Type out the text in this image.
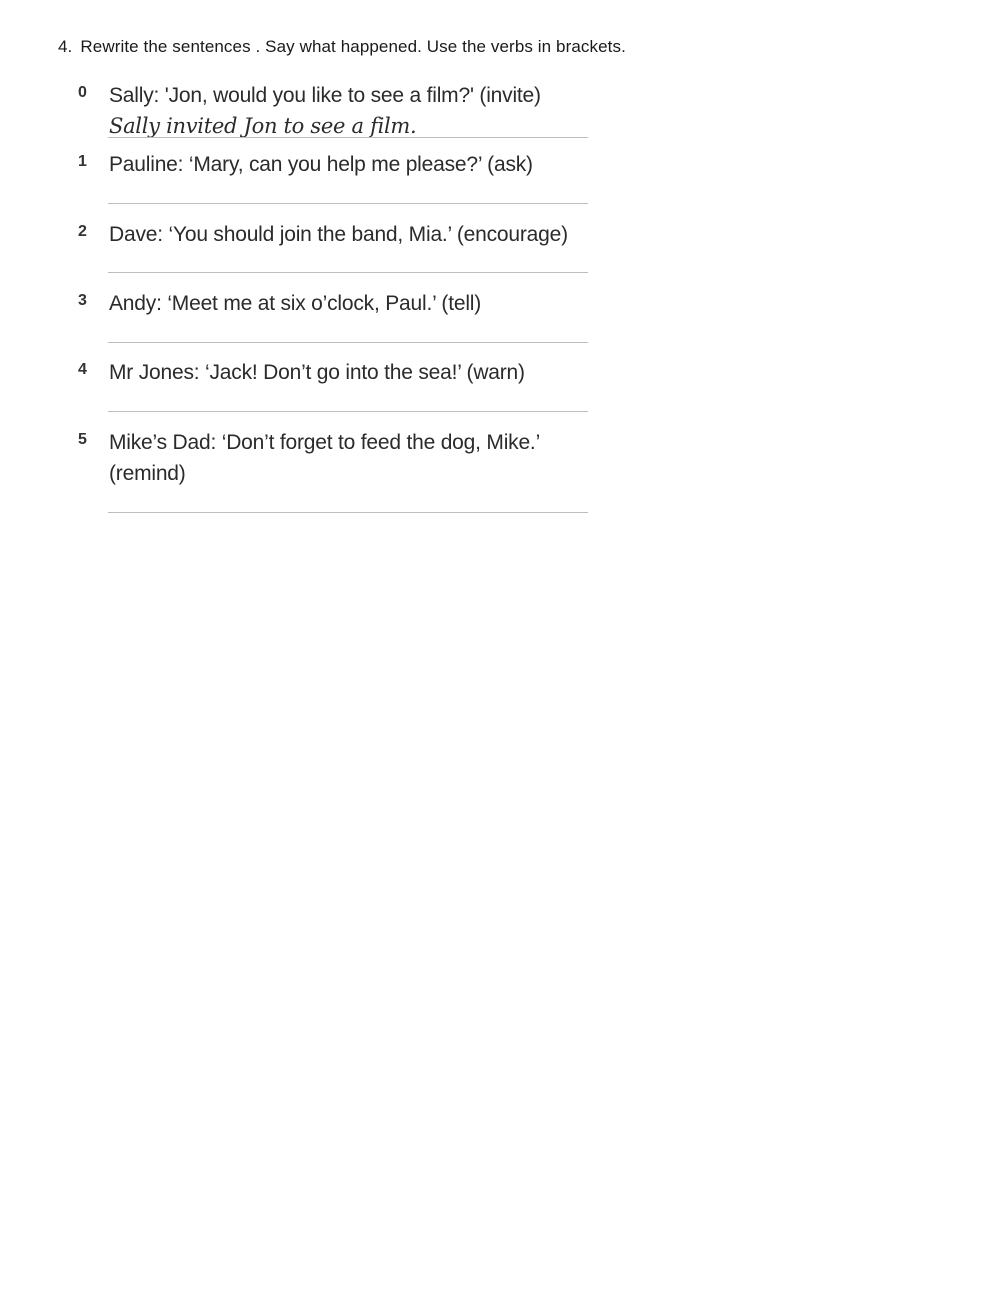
4. Rewrite the sentences . Say what happened. Use the verbs in brackets.
0 Sally: 'Jon, would you like to see a film?' (invite)
Sally invited Jon to see a film.
1 Pauline: ‘Mary, can you help me please?’ (ask)
2 Dave: ‘You should join the band, Mia.’ (encourage)
3 Andy: ‘Meet me at six o’clock, Paul.’ (tell)
4 Mr Jones: ‘Jack! Don’t go into the sea!’ (warn)
5 Mike’s Dad: ‘Don’t forget to feed the dog, Mike.’ (remind)
